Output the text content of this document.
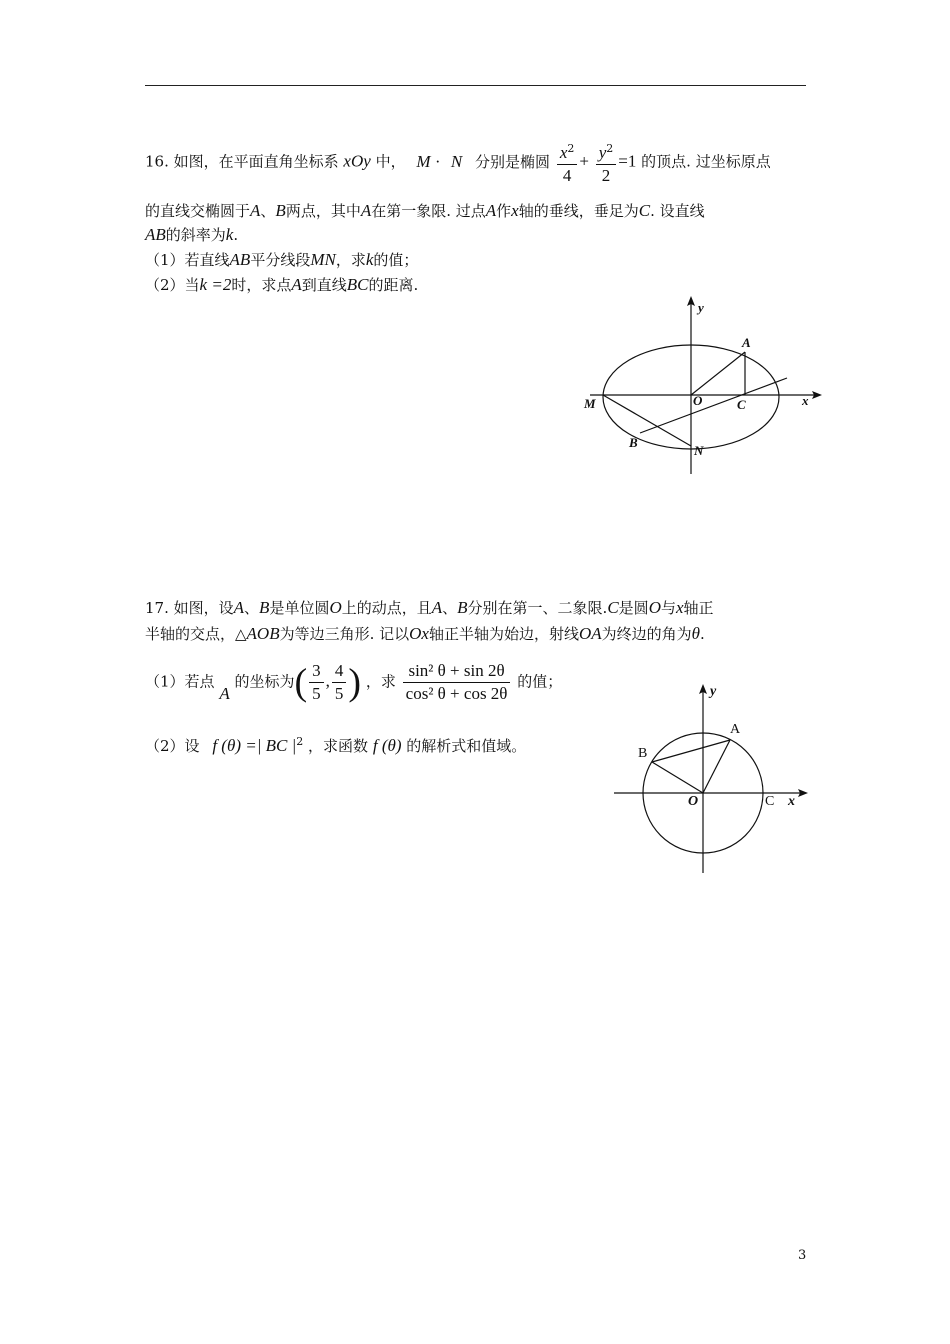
16. 如图，在平面直角坐标系 xOy 中， M · N 分别是椭圆 $\frac{x^2}{4} + \frac{y^2}{2} =1$ 的顶点. 过坐标原点
的直线交椭圆于A、B两点，其中A在第一象限. 过点A作x轴的垂线，垂足为C. 设直线
AB的斜率为k.
（1）若直线AB平分线段MN，求k的值；
（2）当k =2时，求点A到直线BC的距离.
y
x
A
M	O	C
B
N
17. 如图，设A、B是单位圆O上的动点，且A、B分别在第一、二象限.C是圆O与x轴正
半轴的交点，△AOB为等边三角形. 记以Ox轴正半轴为始边，射线OA为终边的角为θ.
（1）若点 A 的坐标为( $\frac{3}{5}$ , $\frac{4}{5}$ ) ，求 $\frac{\text{sin² θ + sin 2θ}}{\text{cos² θ + cos 2θ}}$ 的值；
（2）设 f (θ) =| BC $|^2$ ，求函数 f (θ) 的解析式和值域。
y
A
B
O	C x
3
